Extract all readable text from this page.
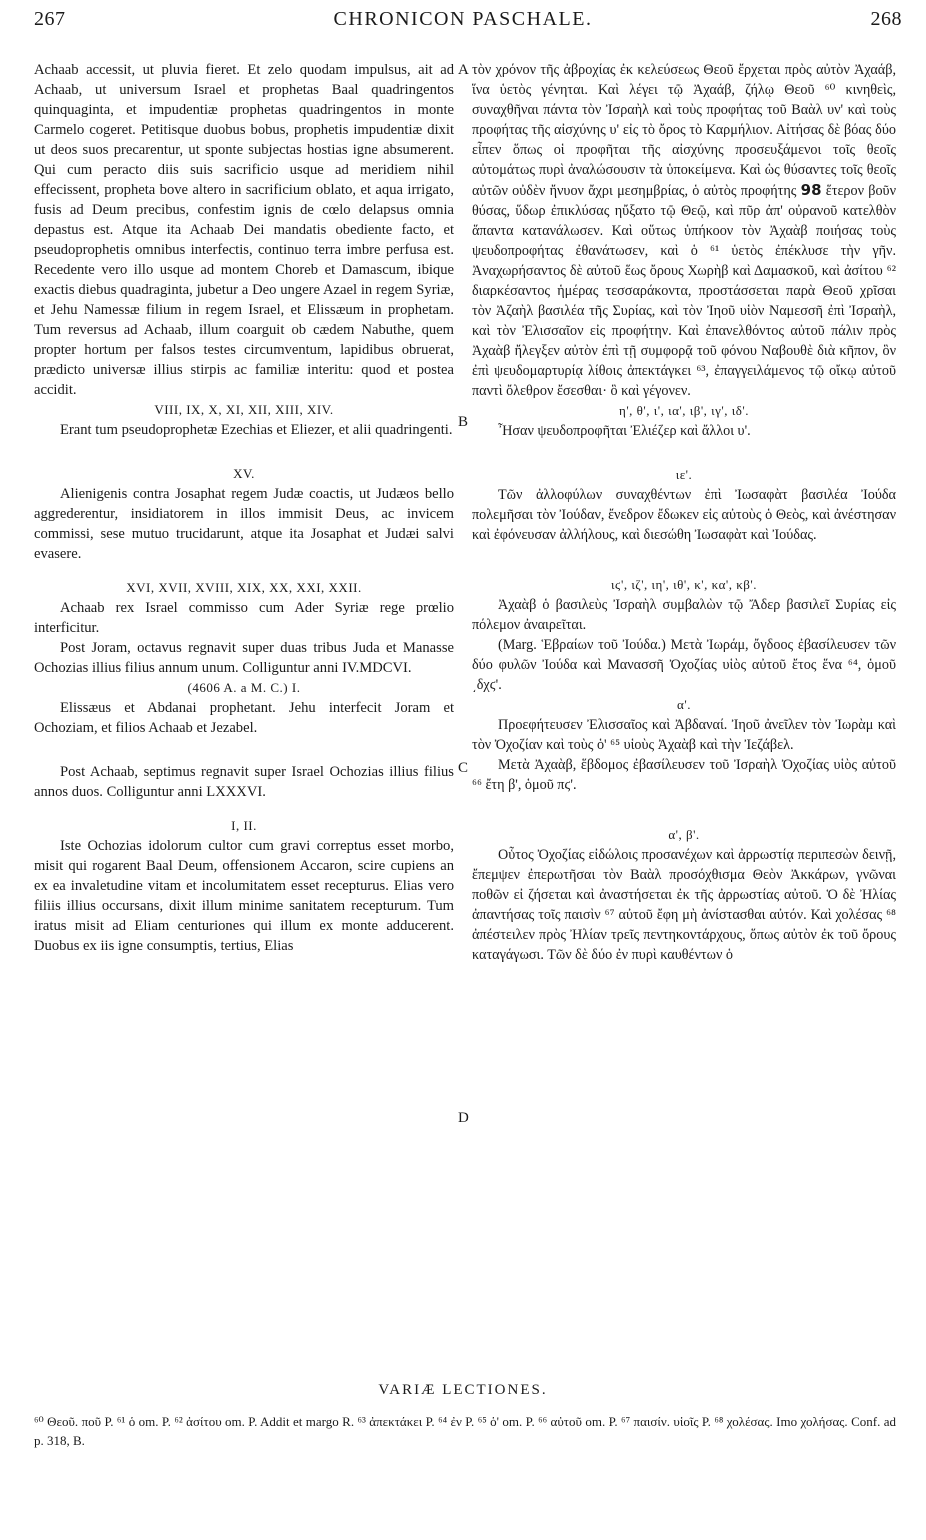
267	CHRONICON PASCHALE.	268
A
B
C
D

Achaab accessit, ut pluvia fieret. Et zelo quodam impulsus, ait ad Achaab, ut universum Israel et prophetas Baal quadringentos quinquaginta, et impudentiæ prophetas quadringentos in monte Carmelo cogeret. Petitisque duobus bobus, prophetis impudentiæ dixit ut deos suos precarentur, ut sponte subjectas hostias igne absumerent. Qui cum peracto diis suis sacrificio usque ad meridiem nihil effecissent, propheta bove altero in sacrificium oblato, et aqua irrigato, fusis ad Deum precibus, confestim ignis de cœlo delapsus omnia depastus est. Atque ita Achaab Dei mandatis obediente facto, et pseudoprophetis omnibus interfectis, continuo terra imbre perfusa est. Recedente vero illo usque ad montem Choreb et Damascum, ibique exactis diebus quadraginta, jubetur a Deo ungere Azael in regem Syriæ, et Jehu Namessæ filium in regem Israel, et Elissæum in prophetam. Tum reversus ad Achaab, illum coarguit ob cædem Nabuthe, quem propter hortum per falsos testes circumventum, lapidibus obruerat, prædicto universæ illius stirpis ac familiæ interitu: quod et postea accidit.

VIII, IX, X, XI, XII, XIII, XIV.

Erant tum pseudoprophetæ Ezechias et Eliezer, et alii quadringenti.

XV.

Alienigenis contra Josaphat regem Judæ coactis, ut Judæos bello aggrederentur, insidiatorem in illos immisit Deus, ac invicem commissi, sese mutuo trucidarunt, atque ita Josaphat et Judæi salvi evasere.

XVI, XVII, XVIII, XIX, XX, XXI, XXII.

Achaab rex Israel commisso cum Ader Syriæ rege prœlio interficitur.

Post Joram, octavus regnavit super duas tribus Juda et Manasse Ochozias illius filius annum unum. Colliguntur anni IV.MDCVI.

(4606 A. a M. C.) I.

Elissæus et Abdanai prophetant. Jehu interfecit Joram et Ochoziam, et filios Achaab et Jezabel.

Post Achaab, septimus regnavit super Israel Ochozias illius filius annos duos. Colliguntur anni LXXXVI.

I, II.

Iste Ochozias idolorum cultor cum gravi correptus esset morbo, misit qui rogarent Baal Deum, offensionem Accaron, scire cupiens an ex ea invaletudine vitam et incolumitatem esset recepturus. Elias vero filiis illius occursans, dixit illum minime sanitatem recepturum. Tum iratus misit ad Eliam centuriones qui illum ex monte adducerent. Duobus ex iis igne consumptis, tertius, Elias

τὸν χρόνον τῆς ἀβροχίας ἐκ κελεύσεως Θεοῦ ἔρχεται πρὸς αὐτὸν Ἀχαάβ, ἵνα ὑετὸς γένηται. Καὶ λέγει τῷ Ἀχαάβ, ζήλῳ Θεοῦ ⁶⁰ κινηθεὶς, συναχθῆναι πάντα τὸν Ἰσραὴλ καὶ τοὺς προφήτας τοῦ Βαὰλ υν' καὶ τοὺς προφήτας τῆς αἰσχύνης υ' εἰς τὸ ὄρος τὸ Καρμήλιον. Αἰτήσας δὲ βόας δύο εἶπεν ὅπως οἱ προφῆται τῆς αἰσχύνης προσευξάμενοι τοῖς θεοῖς αὐτομάτως πυρὶ ἀναλώσουσιν τὰ ὑποκείμενα. Καὶ ὡς θύσαντες τοῖς θεοῖς αὐτῶν οὐδὲν ἤνυον ἄχρι μεσημβρίας, ὁ αὐτὸς προφήτης 98 ἕτερον βοῦν θύσας, ὕδωρ ἐπικλύσας ηὔξατο τῷ Θεῷ, καὶ πῦρ ἀπ' οὐρανοῦ κατελθὸν ἅπαντα κατανάλωσεν. Καὶ οὕτως ὑπήκοον τὸν Ἀχαὰβ ποιήσας τοὺς ψευδοπροφήτας ἐθανάτωσεν, καὶ ὁ ⁶¹ ὑετὸς ἐπέκλυσε τὴν γῆν. Ἀναχωρήσαντος δὲ αὐτοῦ ἕως ὄρους Χωρὴβ καὶ Δαμασκοῦ, καὶ ἀσίτου ⁶² διαρκέσαντος ἡμέρας τεσσαράκοντα, προστάσσεται παρὰ Θεοῦ χρῖσαι τὸν Ἀζαὴλ βασιλέα τῆς Συρίας, καὶ τὸν Ἰηοῦ υἱὸν Ναμεσσῆ ἐπὶ Ἰσραὴλ, καὶ τὸν Ἐλισσαῖον εἰς προφήτην. Καὶ ἐπανελθόντος αὐτοῦ πάλιν πρὸς Ἀχαὰβ ἤλεγξεν αὐτὸν ἐπὶ τῇ συμφορᾷ τοῦ φόνου Ναβουθὲ διὰ κῆπον, ὃν ἐπὶ ψευδομαρτυρίᾳ λίθοις ἀπεκτάγκει ⁶³, ἐπαγγειλάμενος τῷ οἴκῳ αὐτοῦ παντὶ ὄλεθρον ἔσεσθαι· ὃ καὶ γέγονεν.

η', θ', ι', ια', ιβ', ιγ', ιδ'.

Ἦσαν ψευδοπροφῆται Ἐλιέζερ καὶ ἄλλοι υ'.

ιε'.

Τῶν ἀλλοφύλων συναχθέντων ἐπὶ Ἰωσαφὰτ βασιλέα Ἰούδα πολεμῆσαι τὸν Ἰούδαν, ἔνεδρον ἔδωκεν εἰς αὐτοὺς ὁ Θεὸς, καὶ ἀνέστησαν καὶ ἐφόνευσαν ἀλλήλους, καὶ διεσώθη Ἰωσαφὰτ καὶ Ἰούδας.

ιϛ', ιζ', ιη', ιθ', κ', κα', κβ'.

Ἀχαὰβ ὁ βασιλεὺς Ἰσραὴλ συμβαλὼν τῷ Ἄδερ βασιλεῖ Συρίας εἰς πόλεμον ἀναιρεῖται.

(Marg. Ἑβραίων τοῦ Ἰούδα.) Μετὰ Ἰωράμ, ὄγδοος ἐβασίλευσεν τῶν δύο φυλῶν Ἰούδα καὶ Μανασσῆ Ὀχοζίας υἱὸς αὐτοῦ ἔτος ἕνα ⁶⁴, ὁμοῦ ͵δχϛ'.

α'.

Προεφήτευσεν Ἐλισσαῖος καὶ Ἀβδαναί. Ἰηοῦ ἀνεῖλεν τὸν Ἰωρὰμ καὶ τὸν Ὀχοζίαν καὶ τοὺς ὁ' ⁶⁵ υἱοὺς Ἀχαὰβ καὶ τὴν Ἰεζάβελ.

Μετὰ Ἀχαὰβ, ἕβδομος ἐβασίλευσεν τοῦ Ἰσραὴλ Ὀχοζίας υἱὸς αὐτοῦ ⁶⁶ ἔτη β', ὁμοῦ πϛ'.

α', β'.

Οὗτος Ὀχοζίας εἰδώλοις προσανέχων καὶ ἀρρωστίᾳ περιπεσὼν δεινῇ, ἔπεμψεν ἐπερωτῆσαι τὸν Βαὰλ προσόχθισμα Θεὸν Ἀκκάρων, γνῶναι ποθῶν εἰ ζήσεται καὶ ἀναστήσεται ἐκ τῆς ἀρρωστίας αὐτοῦ. Ὁ δὲ Ἠλίας ἀπαντήσας τοῖς παισὶν ⁶⁷ αὐτοῦ ἔφη μὴ ἀνίστασθαι αὐτόν. Καὶ χολέσας ⁶⁸ ἀπέστειλεν πρὸς Ἠλίαν τρεῖς πεντηκοντάρχους, ὅπως αὐτὸν ἐκ τοῦ ὄρους καταγάγωσι. Τῶν δὲ δύο ἐν πυρὶ καυθέντων ὁ

VARIÆ LECTIONES.
⁶⁰ Θεοῦ. ποῦ P. ⁶¹ ὁ om. P. ⁶² ἀσίτου om. P. Addit et margo R. ⁶³ ἀπεκτάκει P. ⁶⁴ ἐν P. ⁶⁵ ὁ' om. P. ⁶⁶ αὐτοῦ om. P. ⁶⁷ παισίν. υἱοῖς P. ⁶⁸ χολέσας. Imo χολήσας. Conf. ad p. 318, B.
